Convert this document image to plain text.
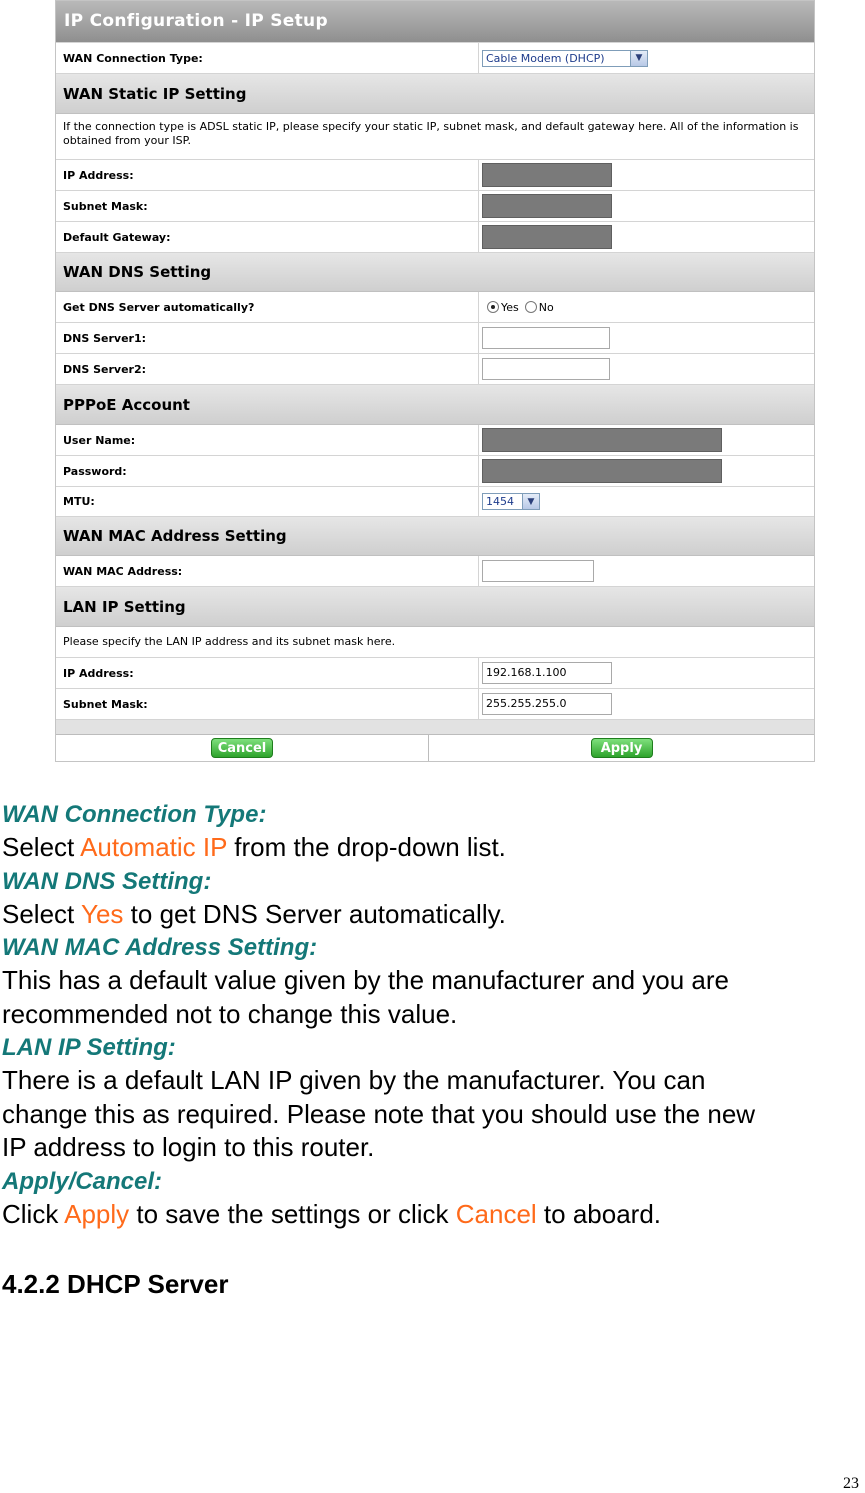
IP Configuration - IP Setup
WAN Connection Type:	Cable Modem (DHCP)	▼
WAN Static IP Setting
If the connection type is ADSL static IP, please specify your static IP, subnet mask, and default gateway here. All of the information is obtained from your ISP.
IP Address:
Subnet Mask:
Default Gateway:
WAN DNS Setting
Get DNS Server automatically?	Yes No
DNS Server1:
DNS Server2:
PPPoE Account
User Name:
Password:
MTU:	1454	▼
WAN MAC Address Setting
WAN MAC Address:
LAN IP Setting
Please specify the LAN IP address and its subnet mask here.
IP Address:	192.168.1.100
Subnet Mask:	255.255.255.0
Cancel	Apply

WAN Connection Type:

Select Automatic IP from the drop-down list.

WAN DNS Setting:

Select Yes to get DNS Server automatically.

WAN MAC Address Setting:

This has a default value given by the manufacturer and you are

recommended not to change this value.

LAN IP Setting:

There is a default LAN IP given by the manufacturer. You can

change this as required. Please note that you should use the new

IP address to login to this router.

Apply/Cancel:

Click Apply to save the settings or click Cancel to aboard.

4.2.2 DHCP Server

23
